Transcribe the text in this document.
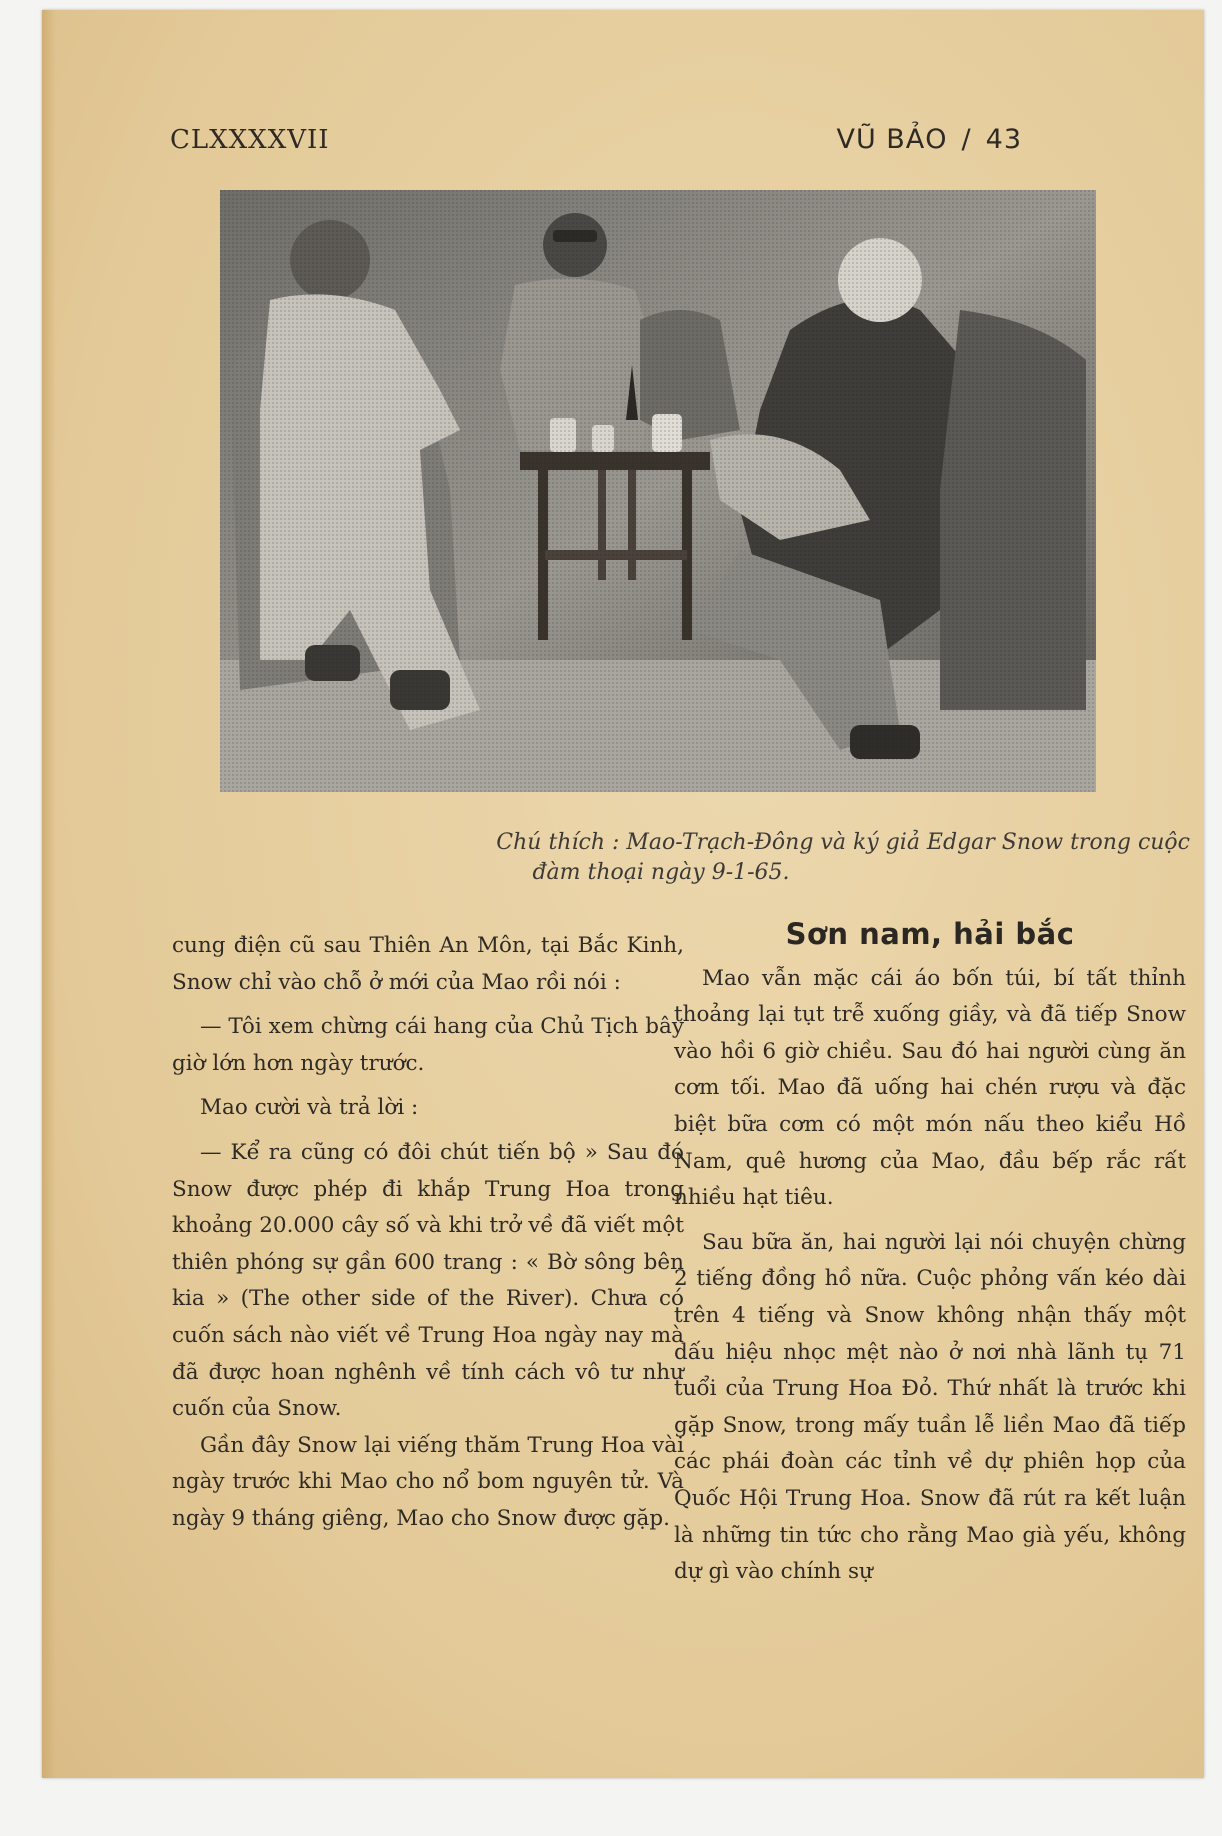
CLXXXXVII	VŨ BẢO / 43
Chú thích : Mao-Trạch-Đông và ký giả Edgar Snow trong cuộc
đàm thoại ngày 9-1-65.

cung điện cũ sau Thiên An Môn, tại Bắc Kinh, Snow chỉ vào chỗ ở mới của Mao rồi nói :

— Tôi xem chừng cái hang của Chủ Tịch bây giờ lớn hơn ngày trước.

Mao cười và trả lời :

— Kể ra cũng có đôi chút tiến bộ » Sau đó Snow được phép đi khắp Trung Hoa trong khoảng 20.000 cây số và khi trở về đã viết một thiên phóng sự gần 600 trang : « Bờ sông bên kia » (The other side of the River). Chưa có cuốn sách nào viết về Trung Hoa ngày nay mà đã được hoan nghênh về tính cách vô tư như cuốn của Snow.

Gần đây Snow lại viếng thăm Trung Hoa vài ngày trước khi Mao cho nổ bom nguyên tử. Và ngày 9 tháng giêng, Mao cho Snow được gặp.

Sơn nam, hải bắc

Mao vẫn mặc cái áo bốn túi, bí tất thỉnh thoảng lại tụt trễ xuống giầy, và đã tiếp Snow vào hồi 6 giờ chiều. Sau đó hai người cùng ăn cơm tối. Mao đã uống hai chén rượu và đặc biệt bữa cơm có một món nấu theo kiểu Hồ Nam, quê hương của Mao, đầu bếp rắc rất nhiều hạt tiêu.

Sau bữa ăn, hai người lại nói chuyện chừng 2 tiếng đồng hồ nữa. Cuộc phỏng vấn kéo dài trên 4 tiếng và Snow không nhận thấy một dấu hiệu nhọc mệt nào ở nơi nhà lãnh tụ 71 tuổi của Trung Hoa Đỏ. Thứ nhất là trước khi gặp Snow, trong mấy tuần lễ liền Mao đã tiếp các phái đoàn các tỉnh về dự phiên họp của Quốc Hội Trung Hoa. Snow đã rút ra kết luận là những tin tức cho rằng Mao già yếu, không dự gì vào chính sự
